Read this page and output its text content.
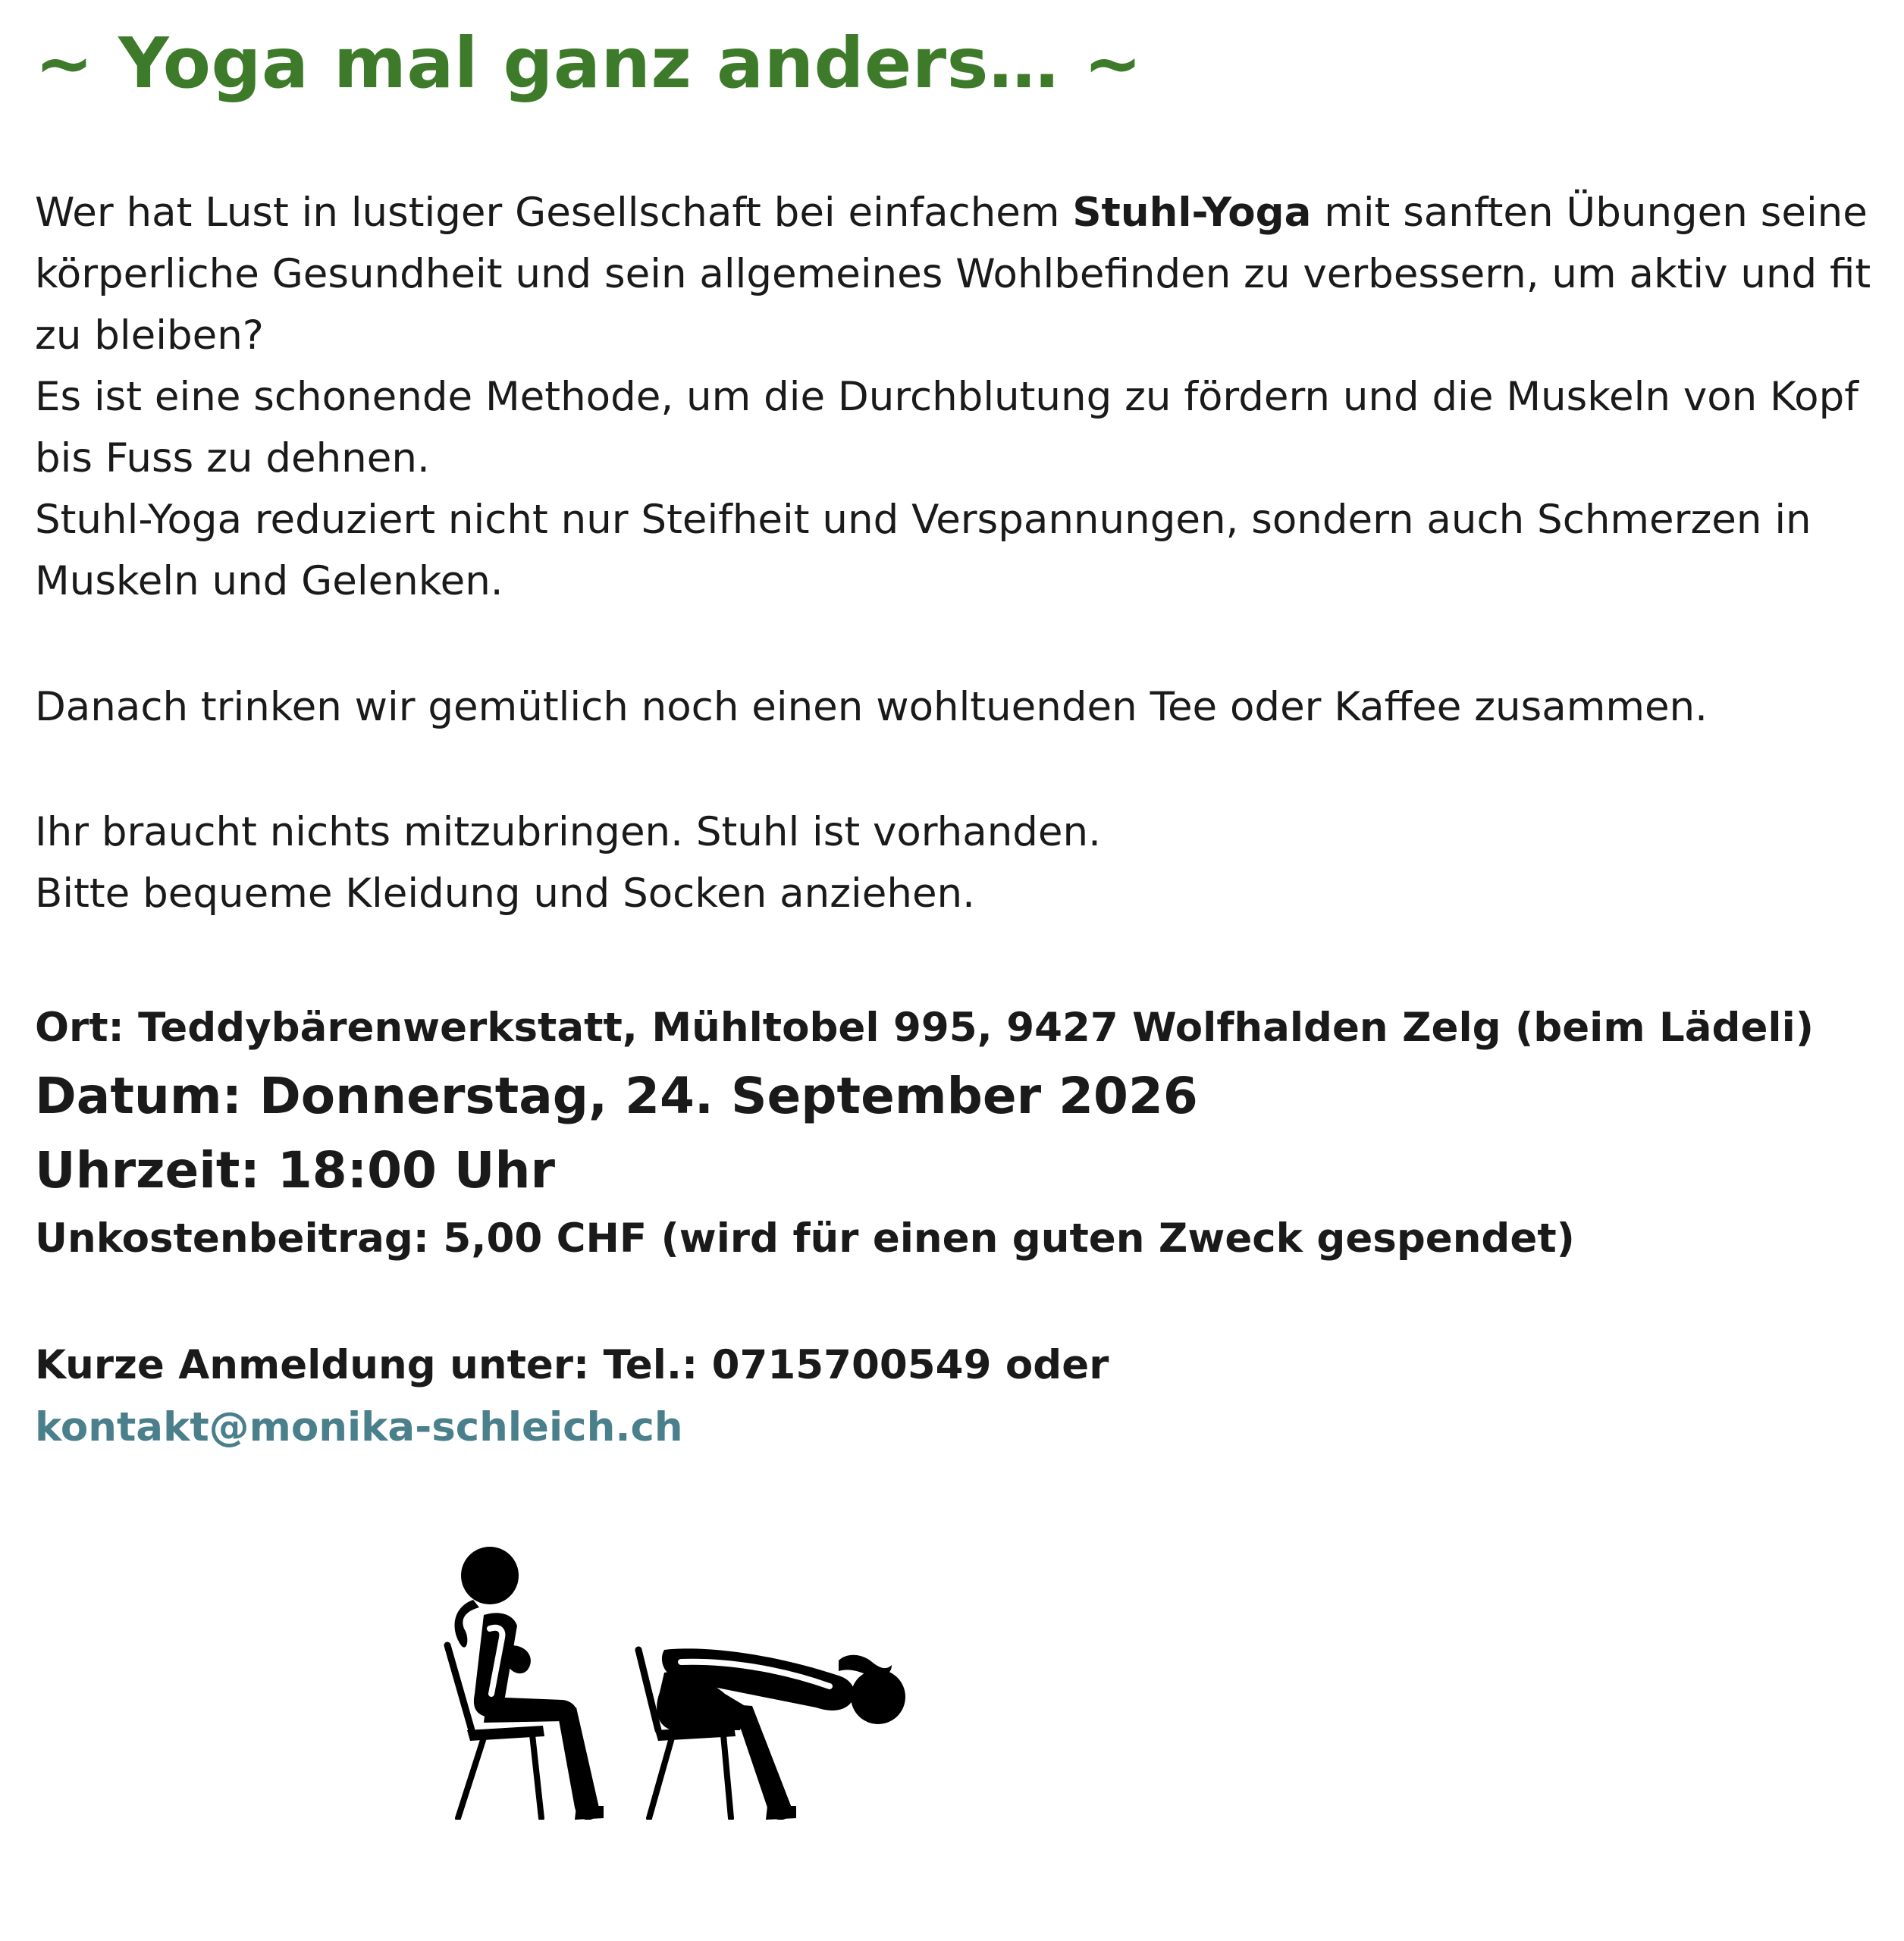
~ Yoga mal ganz anders… ~

Wer hat Lust in lustiger Gesellschaft bei einfachem Stuhl-Yoga mit sanften Übungen seine körperliche Gesundheit und sein allgemeines Wohlbefinden zu verbessern, um aktiv und fit zu bleiben?

Es ist eine schonende Methode, um die Durchblutung zu fördern und die Muskeln von Kopf bis Fuss zu dehnen.

Stuhl-Yoga reduziert nicht nur Steifheit und Verspannungen, sondern auch Schmerzen in Muskeln und Gelenken.

Danach trinken wir gemütlich noch einen wohltuenden Tee oder Kaffee zusammen.

Ihr braucht nichts mitzubringen. Stuhl ist vorhanden.
Bitte bequeme Kleidung und Socken anziehen.

Ort: Teddybärenwerkstatt, Mühltobel 995, 9427 Wolfhalden Zelg (beim Lädeli)

Datum: Donnerstag, 24. September 2026

Uhrzeit: 18:00 Uhr

Unkostenbeitrag: 5,00 CHF (wird für einen guten Zweck gespendet)

Kurze Anmeldung unter: Tel.: 0715700549 oder

kontakt@monika-schleich.ch
